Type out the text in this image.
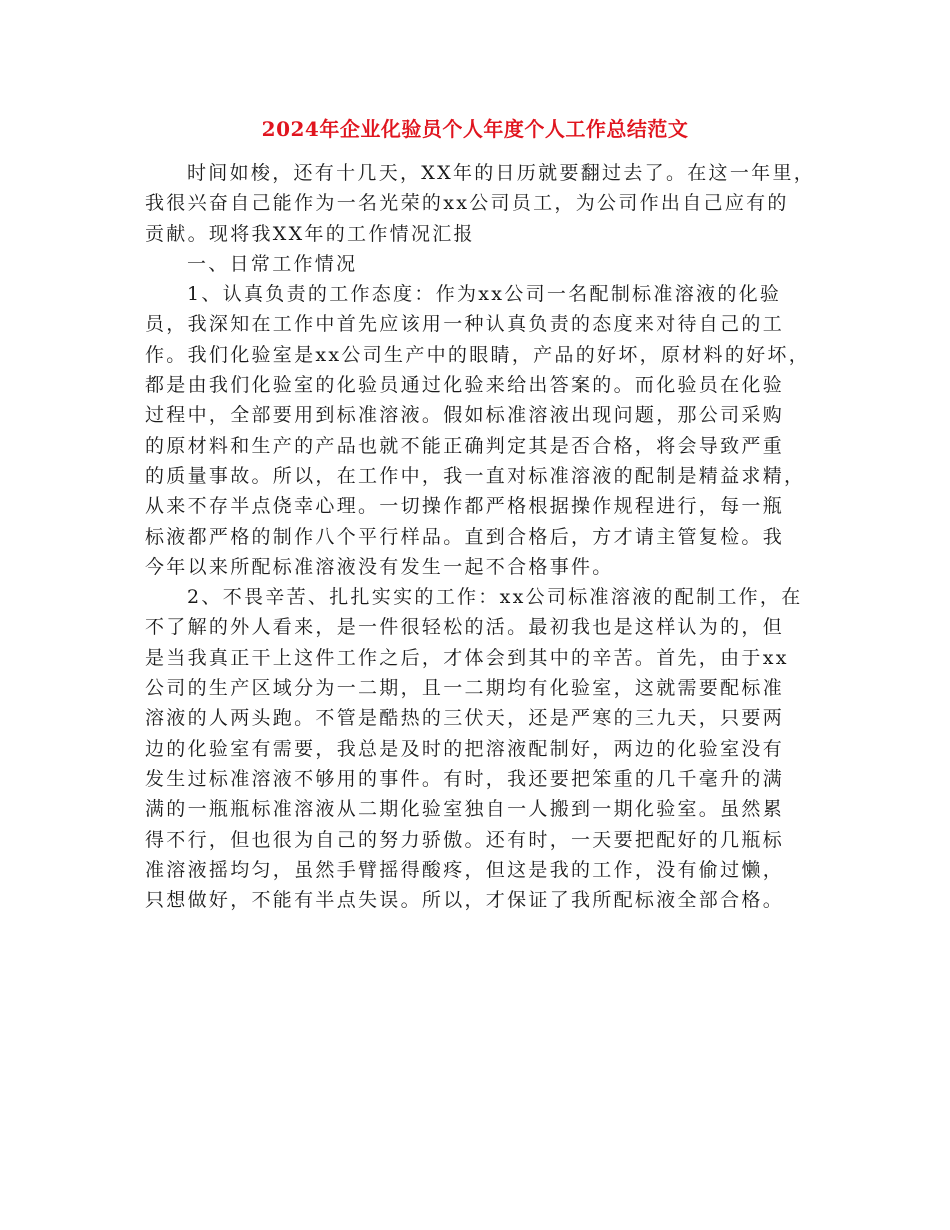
2024年企业化验员个人年度个人工作总结范文
时间如梭，还有十几天，XX年的日历就要翻过去了。在这一年里，
我很兴奋自己能作为一名光荣的xx公司员工，为公司作出自己应有的
贡献。现将我XX年的工作情况汇报
一、日常工作情况
1、认真负责的工作态度：作为xx公司一名配制标准溶液的化验
员，我深知在工作中首先应该用一种认真负责的态度来对待自己的工
作。我们化验室是xx公司生产中的眼睛，产品的好坏，原材料的好坏，
都是由我们化验室的化验员通过化验来给出答案的。而化验员在化验
过程中，全部要用到标准溶液。假如标准溶液出现问题，那公司采购
的原材料和生产的产品也就不能正确判定其是否合格，将会导致严重
的质量事故。所以，在工作中，我一直对标准溶液的配制是精益求精，
从来不存半点侥幸心理。一切操作都严格根据操作规程进行，每一瓶
标液都严格的制作八个平行样品。直到合格后，方才请主管复检。我
今年以来所配标准溶液没有发生一起不合格事件。
2、不畏辛苦、扎扎实实的工作：xx公司标准溶液的配制工作，在
不了解的外人看来，是一件很轻松的活。最初我也是这样认为的，但
是当我真正干上这件工作之后，才体会到其中的辛苦。首先，由于xx
公司的生产区域分为一二期，且一二期均有化验室，这就需要配标准
溶液的人两头跑。不管是酷热的三伏天，还是严寒的三九天，只要两
边的化验室有需要，我总是及时的把溶液配制好，两边的化验室没有
发生过标准溶液不够用的事件。有时，我还要把笨重的几千毫升的满
满的一瓶瓶标准溶液从二期化验室独自一人搬到一期化验室。虽然累
得不行，但也很为自己的努力骄傲。还有时，一天要把配好的几瓶标
准溶液摇均匀，虽然手臂摇得酸疼，但这是我的工作，没有偷过懒，
只想做好，不能有半点失误。所以，才保证了我所配标液全部合格。
